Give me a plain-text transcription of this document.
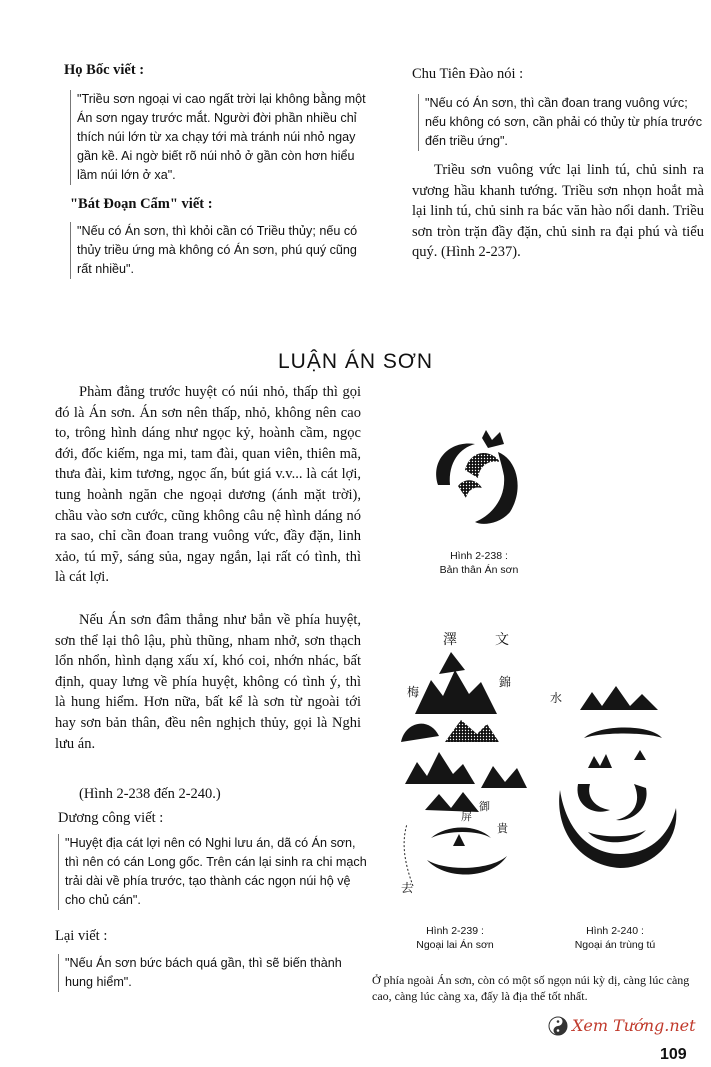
Họ Bốc viết :

"Triều sơn ngoại vi cao ngất trời lại không bằng một Án sơn ngay trước mắt. Người đời phần nhiều chỉ thích núi lớn từ xa chạy tới mà tránh núi nhỏ ngay gần kề. Ai ngờ biết rõ núi nhỏ ở gần còn hơn hiểu lầm núi lớn ở xa".

"Bát Đoạn Cẩm" viết :

"Nếu có Án sơn, thì khỏi cần có Triều thủy; nếu có thủy triều ứng mà không có Án sơn, phú quý cũng rất nhiều".

Chu Tiên Đào nói :

"Nếu có Án sơn, thì cần đoan trang vuông vức; nếu không có sơn, cần phải có thủy từ phía trước đến triều ứng".

Triều sơn vuông vức lại linh tú, chủ sinh ra vương hầu khanh tướng. Triều sơn nhọn hoắt mà lại linh tú, chủ sinh ra bác văn hào nổi danh. Triều sơn tròn trặn đầy đặn, chủ sinh ra đại phú và tiểu quý. (Hình 2-237).

LUẬN ÁN SƠN

Phàm đằng trước huyệt có núi nhỏ, thấp thì gọi đó là Án sơn. Án sơn nên thấp, nhỏ, không nên cao to, trông hình dáng như ngọc kỷ, hoành cầm, ngọc đới, đốc kiếm, nga mi, tam đài, quan viên, thiên mã, thưa đài, kim tương, ngọc ấn, bút giá v.v... là cát lợi, tung hoành ngăn che ngoại dương (ánh mặt trời), chầu vào sơn cước, cũng không câu nệ hình dáng nó ra sao, chỉ cần đoan trang vuông vức, đầy đặn, linh xảo, tú mỹ, sáng sủa, ngay ngắn, lại rất có tình, thì là cát lợi.

Nếu Án sơn đâm thẳng như bắn về phía huyệt, sơn thể lại thô lậu, phù thũng, nham nhở, sơn thạch lổn nhổn, hình dạng xấu xí, khó coi, nhớn nhác, bất định, quay lưng về phía huyệt, không có tình ý, thì là hung hiểm. Hơn nữa, bất kể là sơn từ ngoài tới hay sơn bản thân, đều nên nghịch thủy, gọi là Nghi lưu án.

(Hình 2-238 đến 2-240.)

Dương công viết :

"Huyệt địa cát lợi nên có Nghi lưu án, dã có Án sơn, thì nên có cán Long gốc. Trên cán lại sinh ra chi mạch trải dài về phía trước, tạo thành các ngọn núi hộ vệ cho chủ cán".

Lại viết :

"Nếu Án sơn bức bách quá gần, thì sẽ biến thành hung hiểm".

Hình 2-238 :

Bản thân Án sơn

澤	文
梅
錦
屏
御
貴
去

Hình 2-239 :

Ngoại lai Án sơn

水

Hình 2-240 :

Ngoại án trùng tú

Ở phía ngoài Án sơn, còn có một số ngọn núi kỳ dị, càng lúc càng cao, càng lúc càng xa, đấy là địa thế tốt nhất.

Xem Tướng.net

109
